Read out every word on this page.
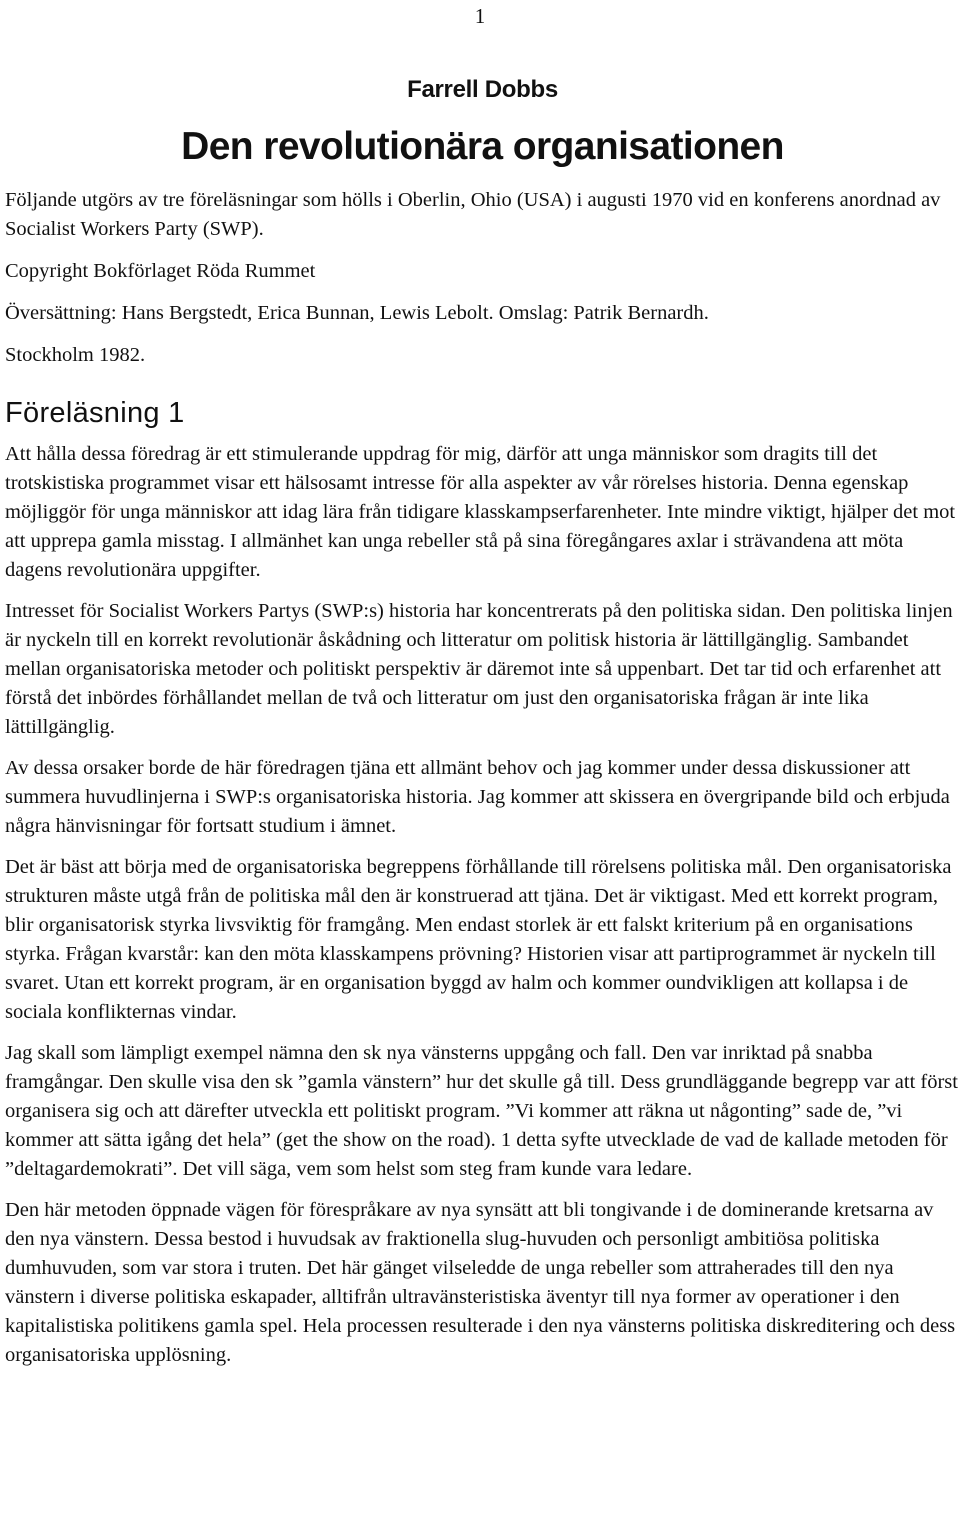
1
Farrell Dobbs
Den revolutionära organisationen

Följande utgörs av tre föreläsningar som hölls i Oberlin, Ohio (USA) i augusti 1970 vid en konferens anordnad av Socialist Workers Party (SWP).

Copyright Bokförlaget Röda Rummet

Översättning: Hans Bergstedt, Erica Bunnan, Lewis Lebolt. Omslag: Patrik Bernardh.

Stockholm 1982.

Föreläsning 1

Att hålla dessa föredrag är ett stimulerande uppdrag för mig, därför att unga människor som dragits till det trotskistiska programmet visar ett hälsosamt intresse för alla aspekter av vår rörelses historia. Denna egenskap möjliggör för unga människor att idag lära från tidigare klasskampserfarenheter. Inte mindre viktigt, hjälper det mot att upprepa gamla misstag. I allmänhet kan unga rebeller stå på sina föregångares axlar i strävandena att möta dagens revolutionära uppgifter.

Intresset för Socialist Workers Partys (SWP:s) historia har koncentrerats på den politiska sidan. Den politiska linjen är nyckeln till en korrekt revolutionär åskådning och litteratur om politisk historia är lättillgänglig. Sambandet mellan organisatoriska metoder och politiskt perspektiv är däremot inte så uppenbart. Det tar tid och erfarenhet att förstå det inbördes förhållandet mellan de två och litteratur om just den organisatoriska frågan är inte lika lättillgänglig.

Av dessa orsaker borde de här föredragen tjäna ett allmänt behov och jag kommer under dessa diskussioner att summera huvudlinjerna i SWP:s organisatoriska historia. Jag kommer att skissera en övergripande bild och erbjuda några hänvisningar för fortsatt studium i ämnet.

Det är bäst att börja med de organisatoriska begreppens förhållande till rörelsens politiska mål. Den organisatoriska strukturen måste utgå från de politiska mål den är konstruerad att tjäna. Det är viktigast. Med ett korrekt program, blir organisatorisk styrka livsviktig för framgång. Men endast storlek är ett falskt kriterium på en organisations styrka. Frågan kvarstår: kan den möta klasskampens prövning? Historien visar att partiprogrammet är nyckeln till svaret. Utan ett korrekt program, är en organisation byggd av halm och kommer oundvikligen att kollapsa i de sociala konflikternas vindar.

Jag skall som lämpligt exempel nämna den sk nya vänsterns uppgång och fall. Den var inriktad på snabba framgångar. Den skulle visa den sk ”gamla vänstern” hur det skulle gå till. Dess grundläggande begrepp var att först organisera sig och att därefter utveckla ett politiskt program. ”Vi kommer att räkna ut någonting” sade de, ”vi kommer att sätta igång det hela” (get the show on the road). 1 detta syfte utvecklade de vad de kallade metoden för ”deltagardemokrati”. Det vill säga, vem som helst som steg fram kunde vara ledare.

Den här metoden öppnade vägen för förespråkare av nya synsätt att bli tongivande i de dominerande kretsarna av den nya vänstern. Dessa bestod i huvudsak av fraktionella slug-huvuden och personligt ambitiösa politiska dumhuvuden, som var stora i truten. Det här gänget vilseledde de unga rebeller som attraherades till den nya vänstern i diverse politiska eskapader, alltifrån ultravänsteristiska äventyr till nya former av operationer i den kapitalistiska politikens gamla spel. Hela processen resulterade i den nya vänsterns politiska diskreditering och dess organisatoriska upplösning.
